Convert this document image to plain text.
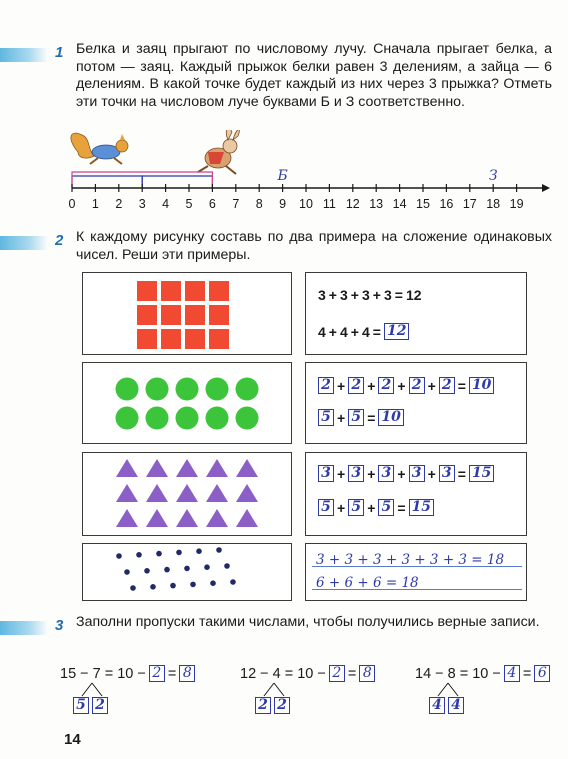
1 Белка и заяц прыгают по числовому лучу. Сначала прыгает белка, а потом — заяц. Каждый прыжок белки равен 3 делениям, а зайца — 6 делениям. В какой точке будет каждый из них через 3 прыжка? Отметь эти точки на числовом луче буквами Б и З соответственно.
0 1 2 3 4 5 6 7 8 9 10 11 12 13 14 15 16 17 18 19
Б	З
2 К каждому рисунку составь по два примера на сложение одинаковых чисел. Реши эти примеры.
3 + 3 + 3 + 3 = 12
4 + 4 + 4 = 12
2 + 2 + 2 + 2 + 2 = 10
5 + 5 = 10
3 + 3 + 3 + 3 + 3 = 15
5 + 5 + 5 = 15
3 + 3 + 3 + 3 + 3 + 3 = 18
6 + 6 + 6 = 18
3 Заполни пропуски такими числами, чтобы получились верные записи.
15 − 7 = 10 − 2 = 8
5 2
12 − 4 = 10 − 2 = 8
2 2
14 − 8 = 10 − 4 = 6
4 4
14
